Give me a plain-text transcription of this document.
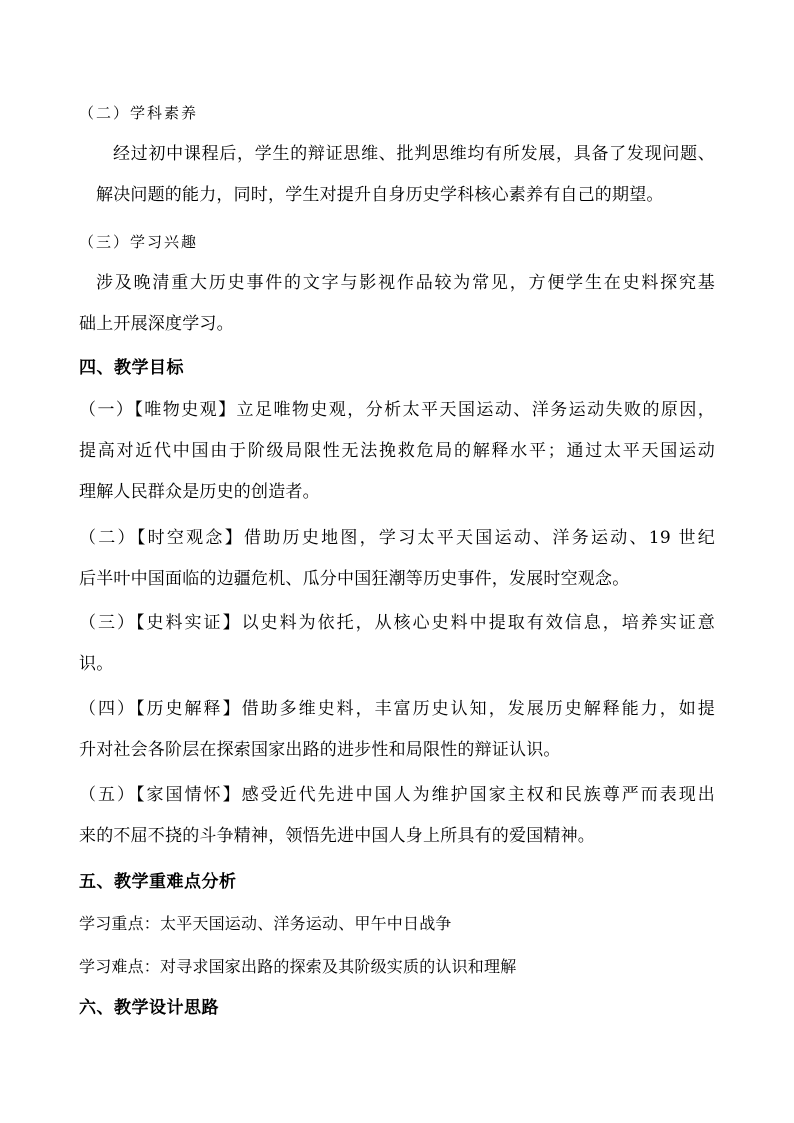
（二）学科素养
经过初中课程后，学生的辩证思维、批判思维均有所发展，具备了发现问题、
解决问题的能力，同时，学生对提升自身历史学科核心素养有自己的期望。
（三）学习兴趣
涉及晚清重大历史事件的文字与影视作品较为常见，方便学生在史料探究基
础上开展深度学习。
四、教学目标
（一）【唯物史观】立足唯物史观，分析太平天国运动、洋务运动失败的原因，
提高对近代中国由于阶级局限性无法挽救危局的解释水平；通过太平天国运动
理解人民群众是历史的创造者。
（二）【时空观念】借助历史地图，学习太平天国运动、洋务运动、19 世纪
后半叶中国面临的边疆危机、瓜分中国狂潮等历史事件，发展时空观念。
（三）【史料实证】以史料为依托，从核心史料中提取有效信息，培养实证意
识。
（四）【历史解释】借助多维史料，丰富历史认知，发展历史解释能力，如提
升对社会各阶层在探索国家出路的进步性和局限性的辩证认识。
（五）【家国情怀】感受近代先进中国人为维护国家主权和民族尊严而表现出
来的不屈不挠的斗争精神，领悟先进中国人身上所具有的爱国精神。
五、教学重难点分析
学习重点：太平天国运动、洋务运动、甲午中日战争
学习难点：对寻求国家出路的探索及其阶级实质的认识和理解
六、教学设计思路
